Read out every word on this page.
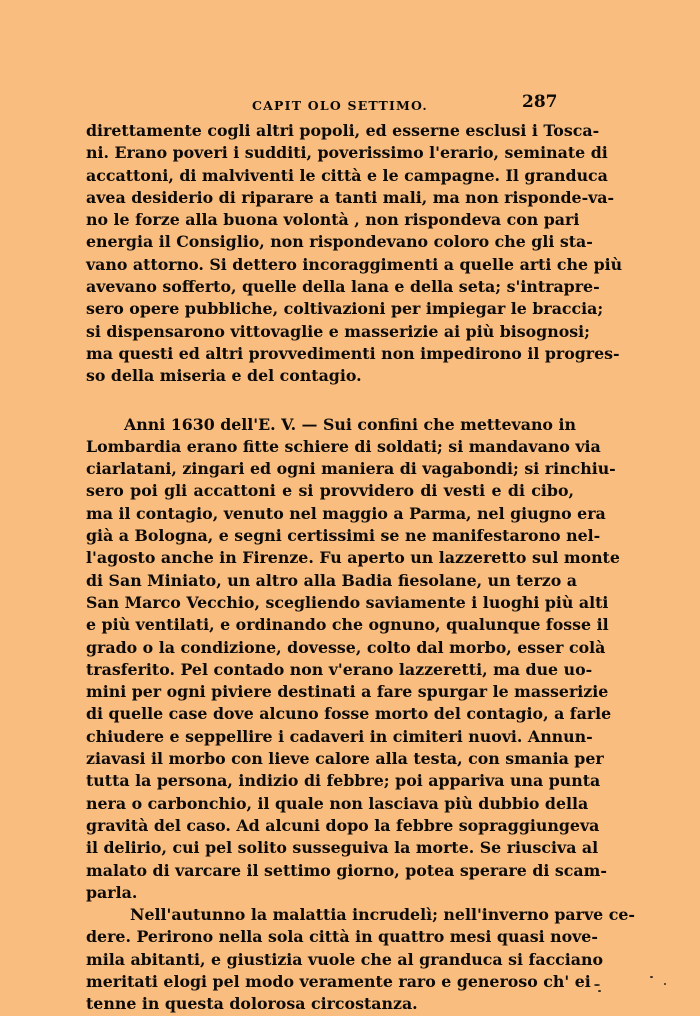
CAPIT OLO SETTIMO.	287
direttamente cogli altri popoli, ed esserne esclusi i Tosca-
ni. Erano poveri i sudditi, poverissimo l'erario, seminate di
accattoni, di malviventi le città e le campagne. Il granduca
avea desiderio di riparare a tanti mali, ma non risponde-va-
no le forze alla buona volontà , non rispondeva con pari
energia il Consiglio, non rispondevano coloro che gli sta-
vano attorno. Si dettero incoraggimenti a quelle arti che più
avevano sofferto, quelle della lana e della seta; s'intrapre-
sero opere pubbliche, coltivazioni per impiegar le braccia;
si dispensarono vittovaglie e masserizie ai più bisognosi;
ma questi ed altri provvedimenti non impedirono il progres-
so della miseria e del contagio.
Anni 1630 dell'E. V. — Sui confini che mettevano in
Lombardia erano fitte schiere di soldati; si mandavano via
ciarlatani, zingari ed ogni maniera di vagabondi; si rinchiu-
sero poi gli accattoni e si provvidero di vesti e di cibo,
ma il contagio, venuto nel maggio a Parma, nel giugno era
già a Bologna, e segni certissimi se ne manifestarono nel-
l'agosto anche in Firenze. Fu aperto un lazzeretto sul monte
di San Miniato, un altro alla Badia fiesolane, un terzo a
San Marco Vecchio, scegliendo saviamente i luoghi più alti
e più ventilati, e ordinando che ognuno, qualunque fosse il
grado o la condizione, dovesse, colto dal morbo, esser colà
trasferito. Pel contado non v'erano lazzeretti, ma due uo-
mini per ogni piviere destinati a fare spurgar le masserizie
di quelle case dove alcuno fosse morto del contagio, a farle
chiudere e seppellire i cadaveri in cimiteri nuovi. Annun-
ziavasi il morbo con lieve calore alla testa, con smania per
tutta la persona, indizio di febbre; poi appariva una punta
nera o carbonchio, il quale non lasciava più dubbio della
gravità del caso. Ad alcuni dopo la febbre sopraggiungeva
il delirio, cui pel solito susseguiva la morte. Se riusciva al
malato di varcare il settimo giorno, potea sperare di scam-
parla.
Nell'autunno la malattia incrudelì; nell'inverno parve ce-
dere. Perirono nella sola città in quattro mesi quasi nove-
mila abitanti, e giustizia vuole che al granduca si facciano
meritati elogi pel modo veramente raro e generoso ch' ei
tenne in questa dolorosa circostanza.
